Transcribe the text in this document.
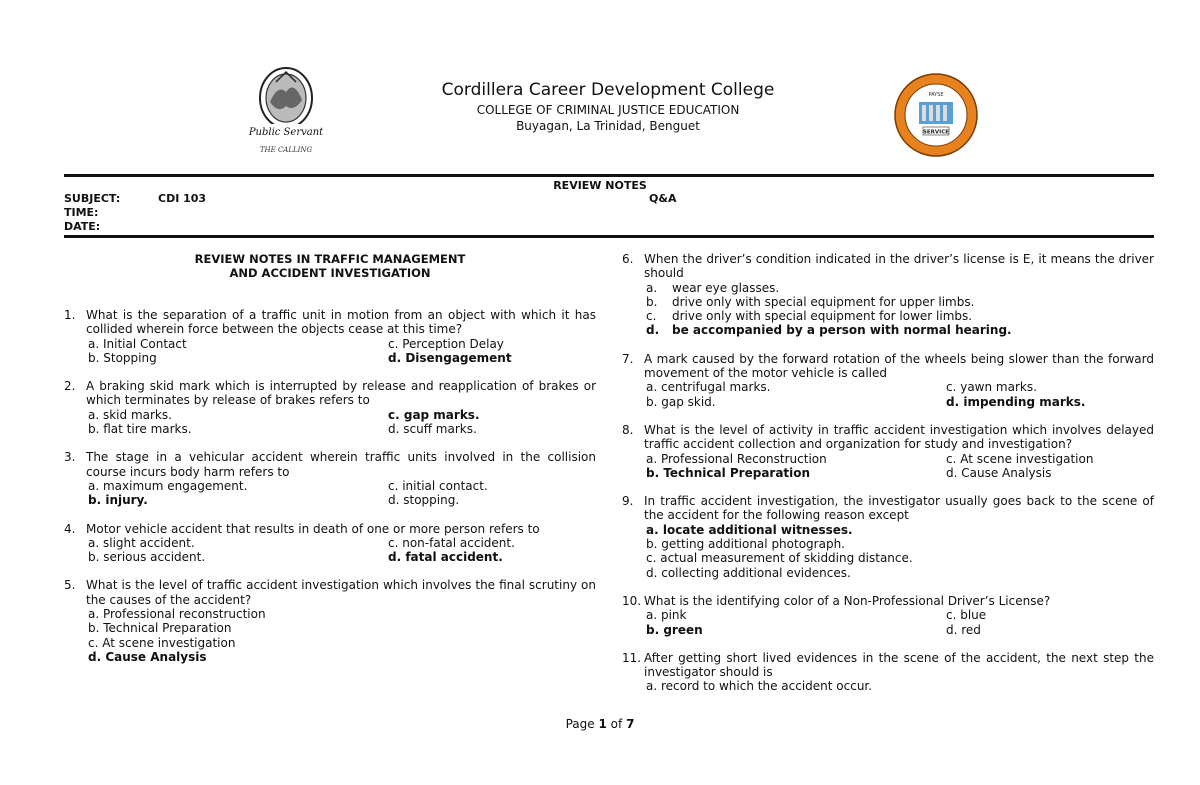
Public Servant
THE CALLING
Cordillera Career Development College
COLLEGE OF CRIMINAL JUSTICE EDUCATION
Buyagan, La Trinidad, Benguet
PAYSE
SERVICE
REVIEW NOTES
SUBJECT:	CDI 103	Q&A
TIME:
DATE:
REVIEW NOTES IN TRAFFIC MANAGEMENT
AND ACCIDENT INVESTIGATION
1. What is the separation of a traffic unit in motion from an object with which it has collided wherein force between the objects cease at this time?
a. Initial Contact	c. Perception Delay
b. Stopping	d. Disengagement
2. A braking skid mark which is interrupted by release and reapplication of brakes or which terminates by release of brakes refers to
a. skid marks.	c. gap marks.
b. flat tire marks.	d. scuff marks.
3. The stage in a vehicular accident wherein traffic units involved in the collision course incurs body harm refers to
a. maximum engagement.	c. initial contact.
b. injury.	d. stopping.
4. Motor vehicle accident that results in death of one or more person refers to
a. slight accident.	c. non-fatal accident.
b. serious accident.	d. fatal accident.
5. What is the level of traffic accident investigation which involves the final scrutiny on the causes of the accident?
a. Professional reconstruction
b. Technical Preparation
c. At scene investigation
d. Cause Analysis
6. When the driver’s condition indicated in the driver’s license is E, it means the driver should
a.	wear eye glasses.
b.	drive only with special equipment for upper limbs.
c.	drive only with special equipment for lower limbs.
d.	be accompanied by a person with normal hearing.
7. A mark caused by the forward rotation of the wheels being slower than the forward movement of the motor vehicle is called
a. centrifugal marks.	c. yawn marks.
b. gap skid.	d. impending marks.
8. What is the level of activity in traffic accident investigation which involves delayed traffic accident collection and organization for study and investigation?
a. Professional Reconstruction	c. At scene investigation
b. Technical Preparation	d. Cause Analysis
9. In traffic accident investigation, the investigator usually goes back to the scene of the accident for the following reason except
a. locate additional witnesses.
b. getting additional photograph.
c. actual measurement of skidding distance.
d. collecting additional evidences.
10. What is the identifying color of a Non-Professional Driver’s License?
a. pink	c. blue
b. green	d. red
11. After getting short lived evidences in the scene of the accident, the next step the investigator should is
a. record to which the accident occur.
Page 1 of 7
